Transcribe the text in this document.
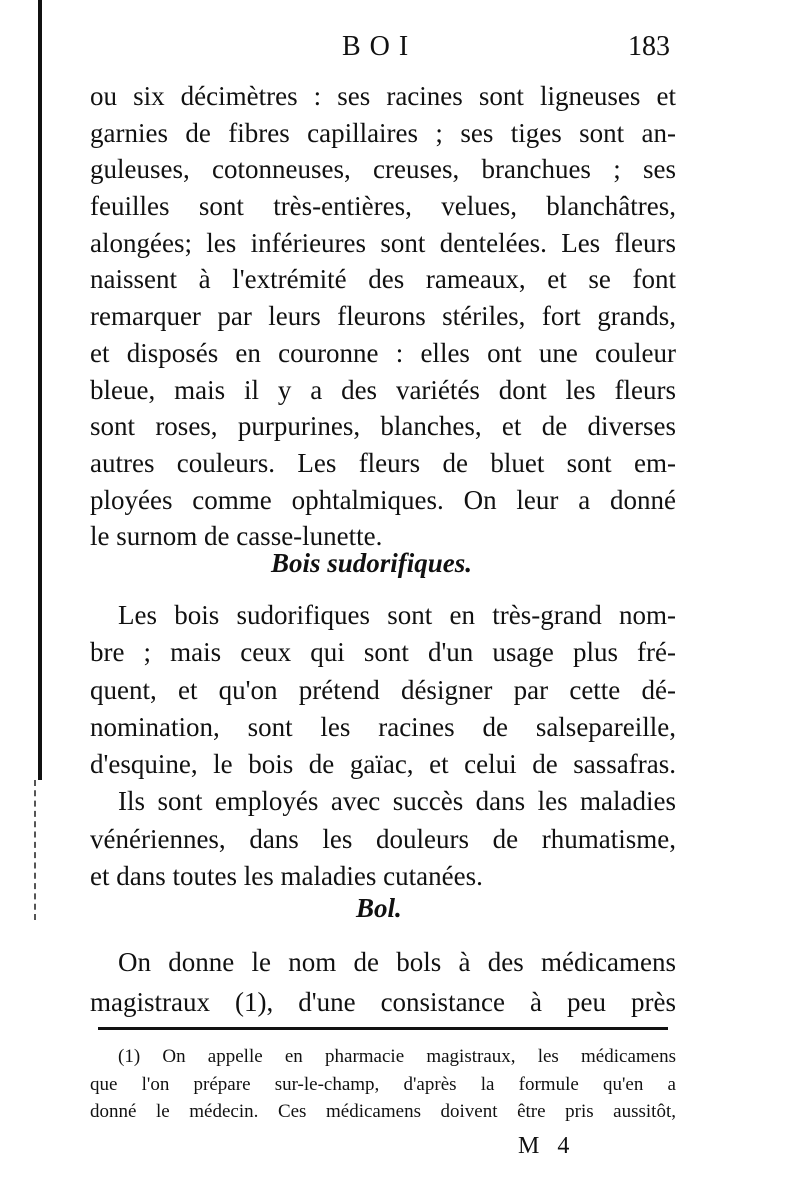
BOI	183
ou six décimètres : ses racines sont ligneuses et
garnies de fibres capillaires ; ses tiges sont an-
guleuses, cotonneuses, creuses, branchues ; ses
feuilles sont très-entières, velues, blanchâtres,
alongées; les inférieures sont dentelées. Les fleurs
naissent à l'extrémité des rameaux, et se font
remarquer par leurs fleurons stériles, fort grands,
et disposés en couronne : elles ont une couleur
bleue, mais il y a des variétés dont les fleurs
sont roses, purpurines, blanches, et de diverses
autres couleurs. Les fleurs de bluet sont em-
ployées comme ophtalmiques. On leur a donné
le surnom de casse-lunette.
Bois sudorifiques.
Les bois sudorifiques sont en très-grand nom-
bre ; mais ceux qui sont d'un usage plus fré-
quent, et qu'on prétend désigner par cette dé-
nomination, sont les racines de salsepareille,
d'esquine, le bois de gaïac, et celui de sassafras.
Ils sont employés avec succès dans les maladies
vénériennes, dans les douleurs de rhumatisme,
et dans toutes les maladies cutanées.
Bol.
On donne le nom de bols à des médicamens
magistraux (1), d'une consistance à peu près
(1) On appelle en pharmacie magistraux, les médicamens
que l'on prépare sur-le-champ, d'après la formule qu'en a
donné le médecin. Ces médicamens doivent être pris aussitôt,
M 4
